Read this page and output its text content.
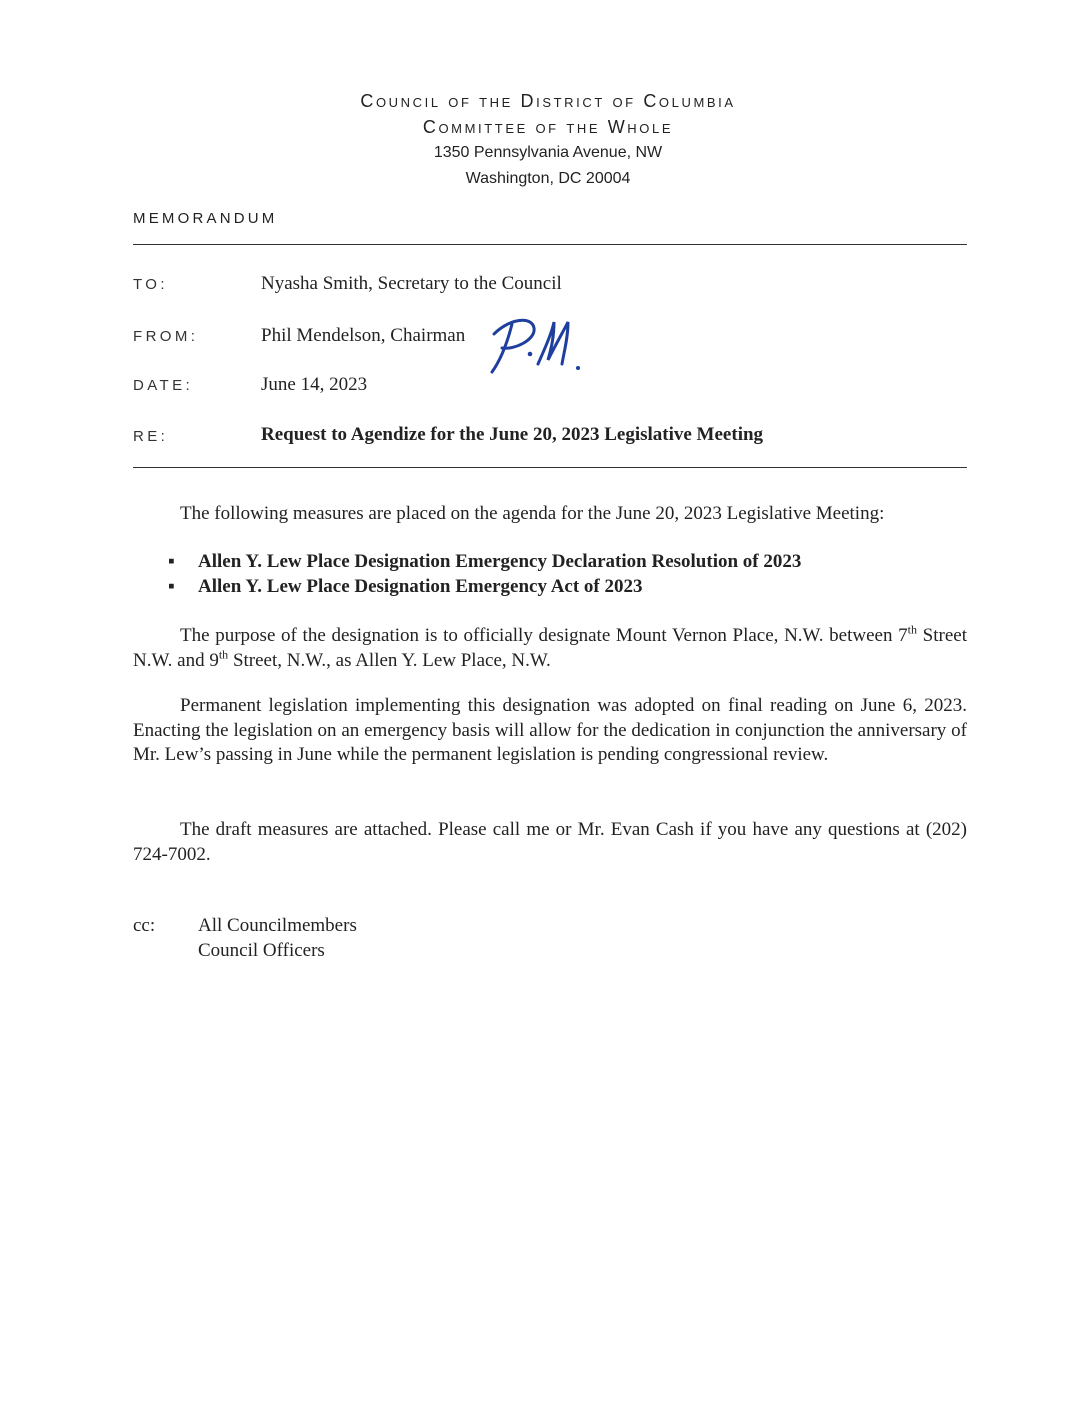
Council of the District of Columbia
Committee of the Whole
1350 Pennsylvania Avenue, NW
Washington, DC 20004
MEMORANDUM
TO:	Nyasha Smith, Secretary to the Council
FROM:	Phil Mendelson, Chairman
DATE:	June 14, 2023
RE:	Request to Agendize for the June 20, 2023 Legislative Meeting
The following measures are placed on the agenda for the June 20, 2023 Legislative Meeting:
▪	Allen Y. Lew Place Designation Emergency Declaration Resolution of 2023
▪	Allen Y. Lew Place Designation Emergency Act of 2023
The purpose of the designation is to officially designate Mount Vernon Place, N.W. between 7th Street N.W. and 9th Street, N.W., as Allen Y. Lew Place, N.W.
Permanent legislation implementing this designation was adopted on final reading on June 6, 2023. Enacting the legislation on an emergency basis will allow for the dedication in conjunction the anniversary of Mr. Lew’s passing in June while the permanent legislation is pending congressional review.
The draft measures are attached. Please call me or Mr. Evan Cash if you have any questions at (202) 724-7002.
cc: All Councilmembers
Council Officers
